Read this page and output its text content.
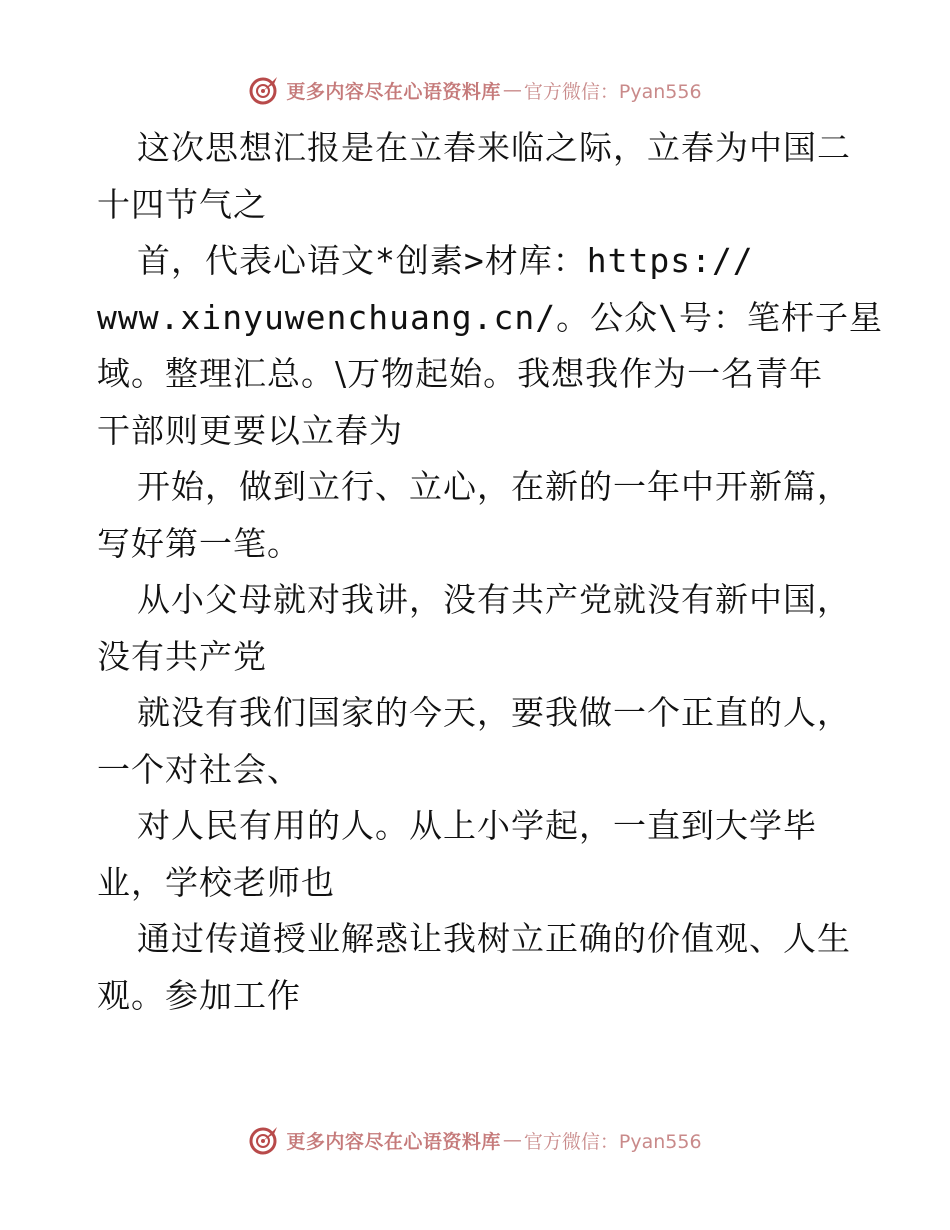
更多内容尽在心语资料库 — 官方微信：Pyan556
这次思想汇报是在立春来临之际，立春为中国二
十四节气之
首，代表心语文*创素>材库：https://
www.xinyuwenchuang.cn/。公众\号：笔杆子星
域。整理汇总。\万物起始。我想我作为一名青年
干部则更要以立春为
开始，做到立行、立心，在新的一年中开新篇，
写好第一笔。
从小父母就对我讲，没有共产党就没有新中国，
没有共产党
就没有我们国家的今天，要我做一个正直的人，
一个对社会、
对人民有用的人。从上小学起，一直到大学毕
业，学校老师也
通过传道授业解惑让我树立正确的价值观、人生
观。参加工作
更多内容尽在心语资料库 — 官方微信：Pyan556
